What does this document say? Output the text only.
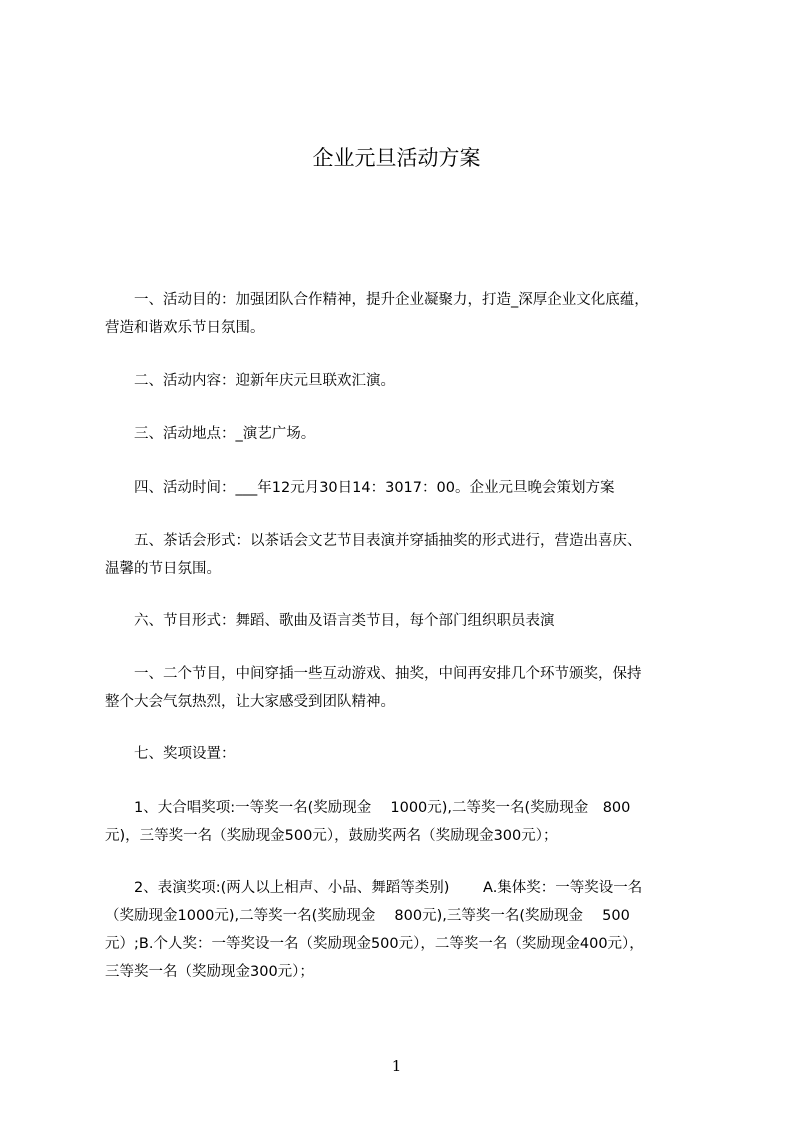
企业元旦活动方案

　　一、活动目的：加强团队合作精神，提升企业凝聚力，打造_深厚企业文化底蕴，
营造和谐欢乐节日氛围。

　　二、活动内容：迎新年庆元旦联欢汇演。

　　三、活动地点：_演艺广场。

　　四、活动时间：___年12元月30日14：3017：00。企业元旦晚会策划方案

　　五、茶话会形式：以茶话会文艺节目表演并穿插抽奖的形式进行，营造出喜庆、
温馨的节日氛围。

　　六、节目形式：舞蹈、歌曲及语言类节目，每个部门组织职员表演

　　一、二个节目，中间穿插一些互动游戏、抽奖，中间再安排几个环节颁奖，保持
整个大会气氛热烈，让大家感受到团队精神。

　　七、奖项设置：

　　1、大合唱奖项:一等奖一名(奖励现金　 1000元),二等奖一名(奖励现金　800
元)，三等奖一名（奖励现金500元），鼓励奖两名（奖励现金300元）；

　　2、表演奖项:(两人以上相声、小品、舞蹈等类别)　　 A.集体奖：一等奖设一名
（奖励现金1000元),二等奖一名(奖励现金　 800元),三等奖一名(奖励现金　 500
元）;B.个人奖：一等奖设一名（奖励现金500元），二等奖一名（奖励现金400元），
三等奖一名（奖励现金300元）；

1
